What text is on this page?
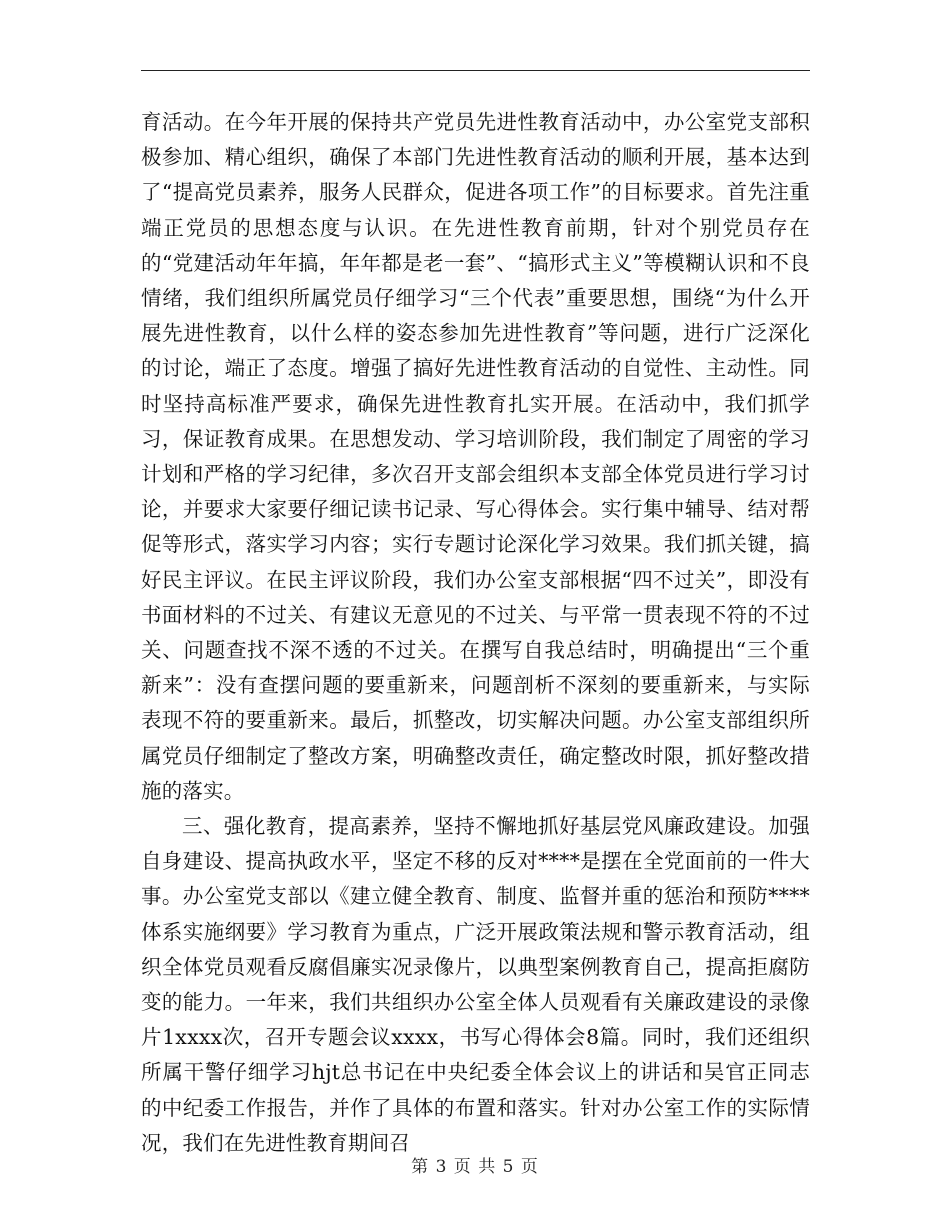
育活动。在今年开展的保持共产党员先进性教育活动中，办公室党支部积极参加、精心组织，确保了本部门先进性教育活动的顺利开展，基本达到了“提高党员素养，服务人民群众，促进各项工作”的目标要求。首先注重端正党员的思想态度与认识。在先进性教育前期，针对个别党员存在的“党建活动年年搞，年年都是老一套”、“搞形式主义”等模糊认识和不良情绪，我们组织所属党员仔细学习“三个代表”重要思想，围绕“为什么开展先进性教育，以什么样的姿态参加先进性教育”等问题，进行广泛深化的讨论，端正了态度。增强了搞好先进性教育活动的自觉性、主动性。同时坚持高标准严要求，确保先进性教育扎实开展。在活动中，我们抓学习，保证教育成果。在思想发动、学习培训阶段，我们制定了周密的学习计划和严格的学习纪律，多次召开支部会组织本支部全体党员进行学习讨论，并要求大家要仔细记读书记录、写心得体会。实行集中辅导、结对帮促等形式，落实学习内容；实行专题讨论深化学习效果。我们抓关键，搞好民主评议。在民主评议阶段，我们办公室支部根据“四不过关”，即没有书面材料的不过关、有建议无意见的不过关、与平常一贯表现不符的不过关、问题查找不深不透的不过关。在撰写自我总结时，明确提出“三个重新来”：没有查摆问题的要重新来，问题剖析不深刻的要重新来，与实际表现不符的要重新来。最后，抓整改，切实解决问题。办公室支部组织所属党员仔细制定了整改方案，明确整改责任，确定整改时限，抓好整改措施的落实。

三、强化教育，提高素养，坚持不懈地抓好基层党风廉政建设。加强自身建设、提高执政水平，坚定不移的反对****是摆在全党面前的一件大事。办公室党支部以《建立健全教育、制度、监督并重的惩治和预防****体系实施纲要》学习教育为重点，广泛开展政策法规和警示教育活动，组织全体党员观看反腐倡廉实况录像片，以典型案例教育自己，提高拒腐防变的能力。一年来，我们共组织办公室全体人员观看有关廉政建设的录像片1xxxx次，召开专题会议xxxx，书写心得体会8篇。同时，我们还组织所属干警仔细学习hjt总书记在中央纪委全体会议上的讲话和吴官正同志的中纪委工作报告，并作了具体的布置和落实。针对办公室工作的实际情况，我们在先进性教育期间召

第 3 页 共 5 页
